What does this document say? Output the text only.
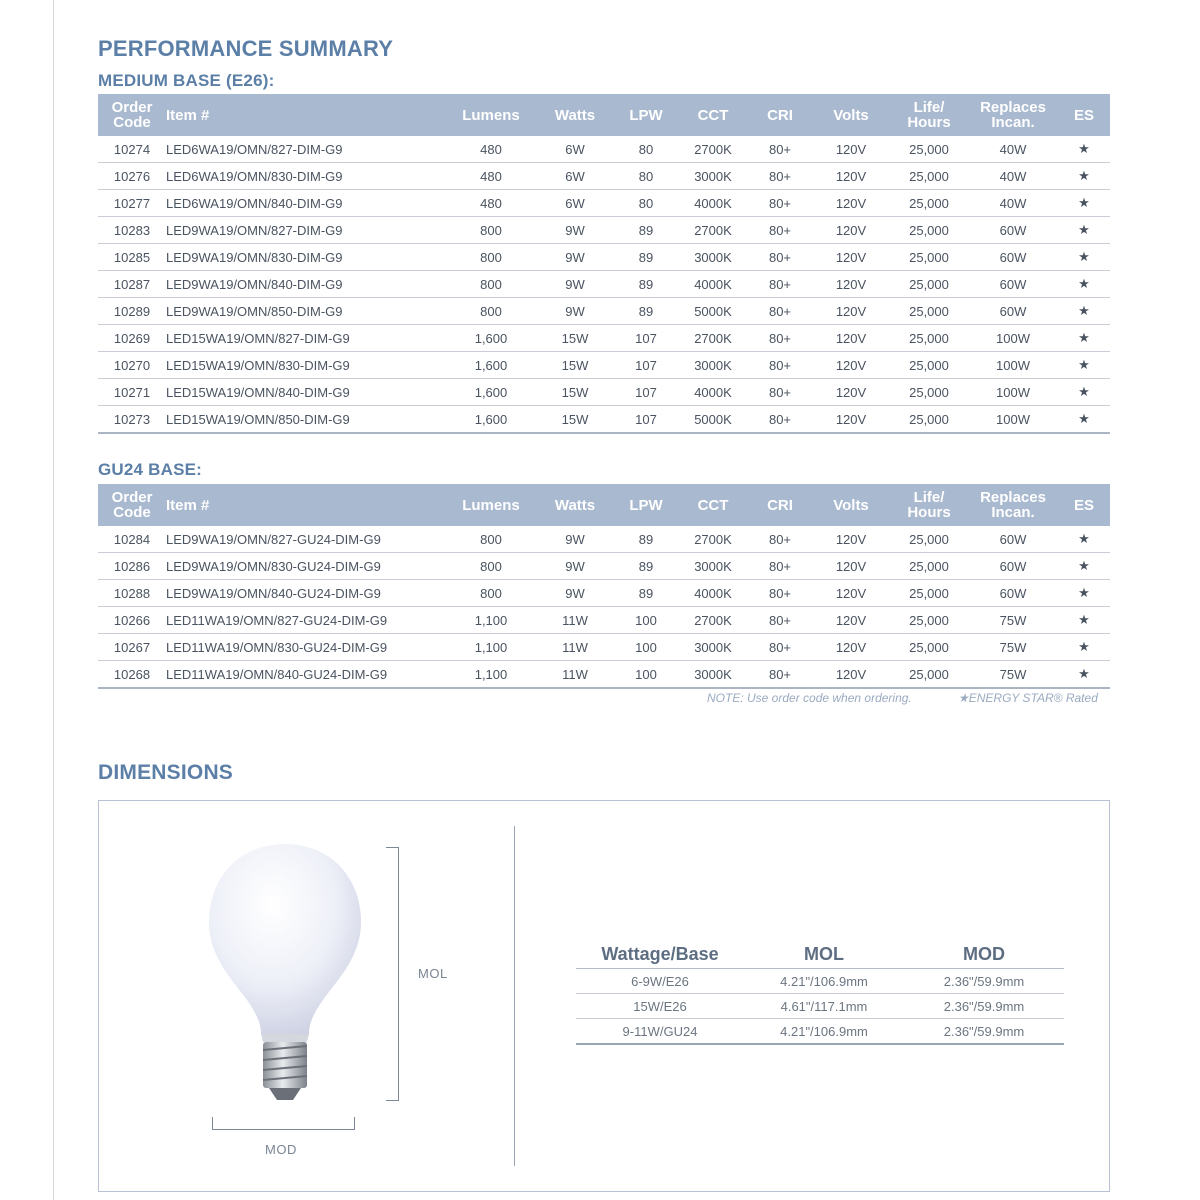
PERFORMANCE SUMMARY
MEDIUM BASE (E26):
Order Code	Item #	Lumens	Watts	LPW	CCT	CRI	Volts	Life/ Hours	Replaces Incan.	ES
10274	LED6WA19/OMN/827-DIM-G9	480	6W	80	2700K	80+	120V	25,000	40W	★
10276	LED6WA19/OMN/830-DIM-G9	480	6W	80	3000K	80+	120V	25,000	40W	★
10277	LED6WA19/OMN/840-DIM-G9	480	6W	80	4000K	80+	120V	25,000	40W	★
10283	LED9WA19/OMN/827-DIM-G9	800	9W	89	2700K	80+	120V	25,000	60W	★
10285	LED9WA19/OMN/830-DIM-G9	800	9W	89	3000K	80+	120V	25,000	60W	★
10287	LED9WA19/OMN/840-DIM-G9	800	9W	89	4000K	80+	120V	25,000	60W	★
10289	LED9WA19/OMN/850-DIM-G9	800	9W	89	5000K	80+	120V	25,000	60W	★
10269	LED15WA19/OMN/827-DIM-G9	1,600	15W	107	2700K	80+	120V	25,000	100W	★
10270	LED15WA19/OMN/830-DIM-G9	1,600	15W	107	3000K	80+	120V	25,000	100W	★
10271	LED15WA19/OMN/840-DIM-G9	1,600	15W	107	4000K	80+	120V	25,000	100W	★
10273	LED15WA19/OMN/850-DIM-G9	1,600	15W	107	5000K	80+	120V	25,000	100W	★
GU24 BASE:
Order Code	Item #	Lumens	Watts	LPW	CCT	CRI	Volts	Life/ Hours	Replaces Incan.	ES
10284	LED9WA19/OMN/827-GU24-DIM-G9	800	9W	89	2700K	80+	120V	25,000	60W	★
10286	LED9WA19/OMN/830-GU24-DIM-G9	800	9W	89	3000K	80+	120V	25,000	60W	★
10288	LED9WA19/OMN/840-GU24-DIM-G9	800	9W	89	4000K	80+	120V	25,000	60W	★
10266	LED11WA19/OMN/827-GU24-DIM-G9	1,100	11W	100	2700K	80+	120V	25,000	75W	★
10267	LED11WA19/OMN/830-GU24-DIM-G9	1,100	11W	100	3000K	80+	120V	25,000	75W	★
10268	LED11WA19/OMN/840-GU24-DIM-G9	1,100	11W	100	3000K	80+	120V	25,000	75W	★
NOTE: Use order code when ordering.	★ENERGY STAR® Rated
DIMENSIONS
MOL
MOD
Wattage/Base	MOL	MOD
6-9W/E26	4.21"/106.9mm	2.36"/59.9mm
15W/E26	4.61"/117.1mm	2.36"/59.9mm
9-11W/GU24	4.21"/106.9mm	2.36"/59.9mm
